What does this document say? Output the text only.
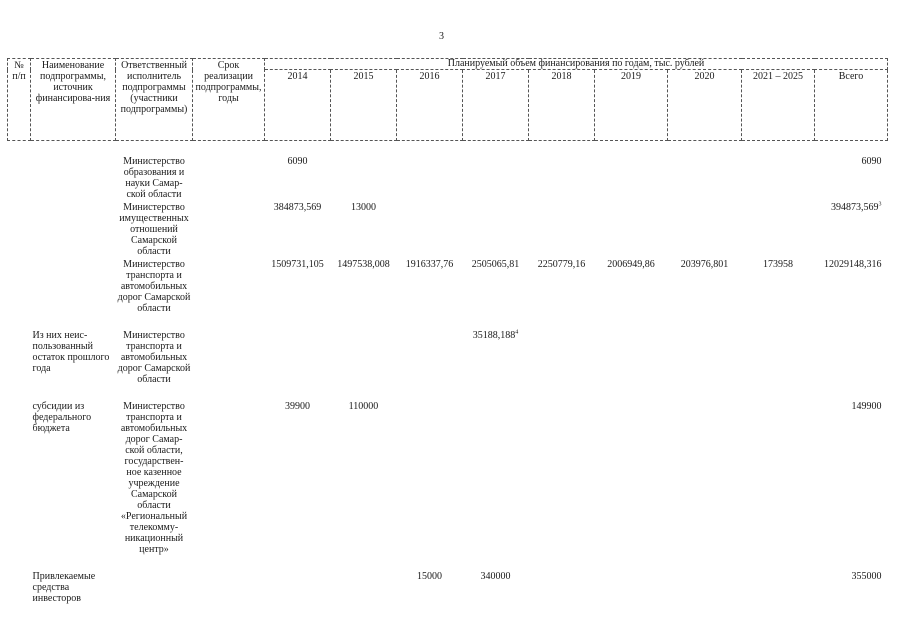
3
№ п/п	Наименование подпрограммы, источник финансирова-ния	Ответственный исполнитель подпрограммы (участники подпрограммы)	Срок реализации подпрограммы, годы	Планируемый объем финансирования по годам, тыс. рублей								
				2014	2015	2016	2017	2018	2019	2020	2021 – 2025	Всего

		Министерство образования и науки Самар-ской области		6090								6090
		Министерство имущественных отношений Самарской области		384873,569	13000							394873,569$^3$
		Министерство транспорта и автомобильных дорог Самарской области		1509731,105	1497538,008	1916337,76	2505065,81	2250779,16	2006949,86	203976,801	173958	12029148,316

	Из них неис-пользованный остаток прошлого года	Министерство транспорта и автомобильных дорог Самарской области					35188,188$^4$					

	субсидии из федерального бюджета	Министерство транспорта и автомобильных дорог Самар-ской области, государствен-ное казенное учреждение Самарской области «Региональный телекомму-никационный центр»		39900	110000							149900

	Привлекаемые средства инвесторов					15000	340000					355000
